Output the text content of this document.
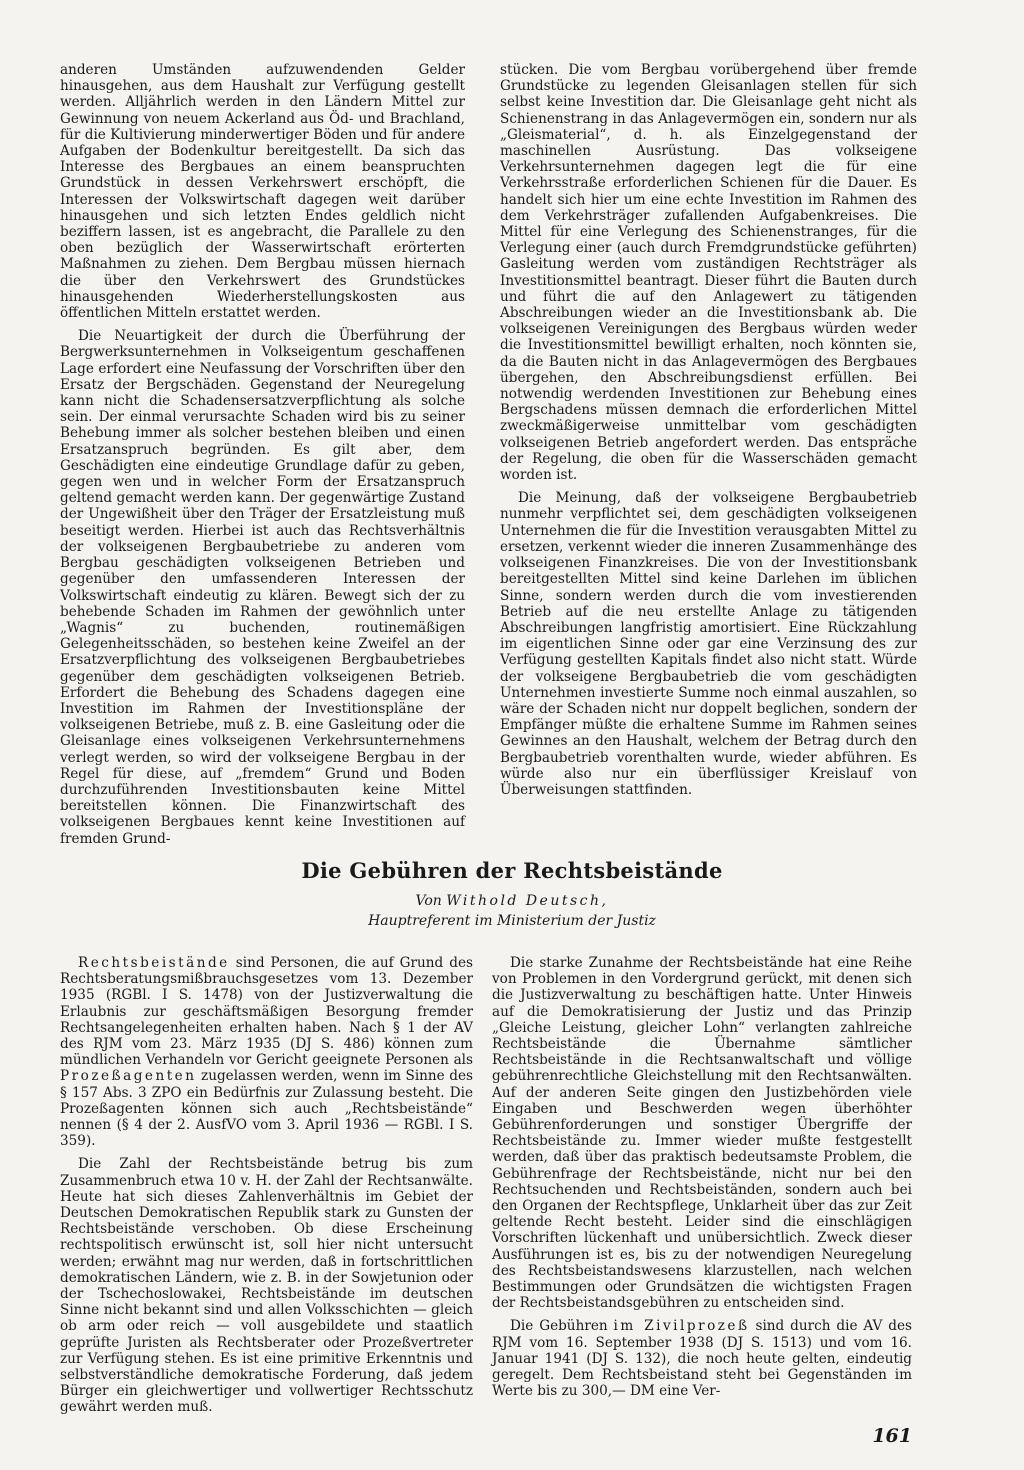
anderen Umständen aufzuwendenden Gelder hinausgehen, aus dem Haushalt zur Verfügung gestellt werden. Alljährlich werden in den Ländern Mittel zur Gewinnung von neuem Ackerland aus Öd- und Brachland, für die Kultivierung minderwertiger Böden und für andere Aufgaben der Bodenkultur bereitgestellt. Da sich das Interesse des Bergbaues an einem beanspruchten Grundstück in dessen Verkehrswert erschöpft, die Interessen der Volkswirtschaft dagegen weit darüber hinausgehen und sich letzten Endes geldlich nicht beziffern lassen, ist es angebracht, die Parallele zu den oben bezüglich der Wasserwirtschaft erörterten Maßnahmen zu ziehen. Dem Bergbau müssen hiernach die über den Verkehrswert des Grundstückes hinausgehenden Wiederherstellungskosten aus öffentlichen Mitteln erstattet werden.

Die Neuartigkeit der durch die Überführung der Bergwerksunternehmen in Volkseigentum geschaffenen Lage erfordert eine Neufassung der Vorschriften über den Ersatz der Bergschäden. Gegenstand der Neuregelung kann nicht die Schadensersatzverpflichtung als solche sein. Der einmal verursachte Schaden wird bis zu seiner Behebung immer als solcher bestehen bleiben und einen Ersatzanspruch begründen. Es gilt aber, dem Geschädigten eine eindeutige Grundlage dafür zu geben, gegen wen und in welcher Form der Ersatzanspruch geltend gemacht werden kann. Der gegenwärtige Zustand der Ungewißheit über den Träger der Ersatzleistung muß beseitigt werden. Hierbei ist auch das Rechtsverhältnis der volkseigenen Bergbaubetriebe zu anderen vom Bergbau geschädigten volkseigenen Betrieben und gegenüber den umfassenderen Interessen der Volkswirtschaft eindeutig zu klären. Bewegt sich der zu behebende Schaden im Rahmen der gewöhnlich unter „Wagnis“ zu buchenden, routinemäßigen Gelegenheitsschäden, so bestehen keine Zweifel an der Ersatzverpflichtung des volkseigenen Bergbaubetriebes gegenüber dem geschädigten volkseigenen Betrieb. Erfordert die Behebung des Schadens dagegen eine Investition im Rahmen der Investitionspläne der volkseigenen Betriebe, muß z. B. eine Gasleitung oder die Gleisanlage eines volkseigenen Verkehrsunternehmens verlegt werden, so wird der volkseigene Bergbau in der Regel für diese, auf „fremdem“ Grund und Boden durchzuführenden Investitionsbauten keine Mittel bereitstellen können. Die Finanzwirtschaft des volkseigenen Bergbaues kennt keine Investitionen auf fremden Grund-

stücken. Die vom Bergbau vorübergehend über fremde Grundstücke zu legenden Gleisanlagen stellen für sich selbst keine Investition dar. Die Gleisanlage geht nicht als Schienenstrang in das Anlagevermögen ein, sondern nur als „Gleismaterial“, d. h. als Einzelgegenstand der maschinellen Ausrüstung. Das volkseigene Verkehrsunternehmen dagegen legt die für eine Verkehrsstraße erforderlichen Schienen für die Dauer. Es handelt sich hier um eine echte Investition im Rahmen des dem Verkehrsträger zufallenden Aufgabenkreises. Die Mittel für eine Verlegung des Schienenstranges, für die Verlegung einer (auch durch Fremdgrundstücke geführten) Gasleitung werden vom zuständigen Rechtsträger als Investitionsmittel beantragt. Dieser führt die Bauten durch und führt die auf den Anlagewert zu tätigenden Abschreibungen wieder an die Investitionsbank ab. Die volkseigenen Vereinigungen des Bergbaus würden weder die Investitionsmittel bewilligt erhalten, noch könnten sie, da die Bauten nicht in das Anlagevermögen des Bergbaues übergehen, den Abschreibungsdienst erfüllen. Bei notwendig werdenden Investitionen zur Behebung eines Bergschadens müssen demnach die erforderlichen Mittel zweckmäßigerweise unmittelbar vom geschädigten volkseigenen Betrieb angefordert werden. Das entspräche der Regelung, die oben für die Wasserschäden gemacht worden ist.

Die Meinung, daß der volkseigene Bergbaubetrieb nunmehr verpflichtet sei, dem geschädigten volkseigenen Unternehmen die für die Investition verausgabten Mittel zu ersetzen, verkennt wieder die inneren Zusammenhänge des volkseigenen Finanzkreises. Die von der Investitionsbank bereitgestellten Mittel sind keine Darlehen im üblichen Sinne, sondern werden durch die vom investierenden Betrieb auf die neu erstellte Anlage zu tätigenden Abschreibungen langfristig amortisiert. Eine Rückzahlung im eigentlichen Sinne oder gar eine Verzinsung des zur Verfügung gestellten Kapitals findet also nicht statt. Würde der volkseigene Bergbaubetrieb die vom geschädigten Unternehmen investierte Summe noch einmal auszahlen, so wäre der Schaden nicht nur doppelt beglichen, sondern der Empfänger müßte die erhaltene Summe im Rahmen seines Gewinnes an den Haushalt, welchem der Betrag durch den Bergbaubetrieb vorenthalten wurde, wieder abführen. Es würde also nur ein überflüssiger Kreislauf von Überweisungen stattfinden.

Die Gebühren der Rechtsbeistände
Von Withold Deutsch,
Hauptreferent im Ministerium der Justiz

Rechtsbeistände sind Personen, die auf Grund des Rechtsberatungsmißbrauchsgesetzes vom 13. Dezember 1935 (RGBl. I S. 1478) von der Justizverwaltung die Erlaubnis zur geschäftsmäßigen Besorgung fremder Rechtsangelegenheiten erhalten haben. Nach § 1 der AV des RJM vom 23. März 1935 (DJ S. 486) können zum mündlichen Verhandeln vor Gericht geeignete Personen als Prozeßagenten zugelassen werden, wenn im Sinne des § 157 Abs. 3 ZPO ein Bedürfnis zur Zulassung besteht. Die Prozeßagenten können sich auch „Rechtsbeistände“ nennen (§ 4 der 2. AusfVO vom 3. April 1936 — RGBl. I S. 359).

Die Zahl der Rechtsbeistände betrug bis zum Zusammenbruch etwa 10 v. H. der Zahl der Rechtsanwälte. Heute hat sich dieses Zahlenverhältnis im Gebiet der Deutschen Demokratischen Republik stark zu Gunsten der Rechtsbeistände verschoben. Ob diese Erscheinung rechtspolitisch erwünscht ist, soll hier nicht untersucht werden; erwähnt mag nur werden, daß in fortschrittlichen demokratischen Ländern, wie z. B. in der Sowjetunion oder der Tschechoslowakei, Rechtsbeistände im deutschen Sinne nicht bekannt sind und allen Volksschichten — gleich ob arm oder reich — voll ausgebildete und staatlich geprüfte Juristen als Rechtsberater oder Prozeßvertreter zur Verfügung stehen. Es ist eine primitive Erkenntnis und selbstverständliche demokratische Forderung, daß jedem Bürger ein gleichwertiger und vollwertiger Rechtsschutz gewährt werden muß.

Die starke Zunahme der Rechtsbeistände hat eine Reihe von Problemen in den Vordergrund gerückt, mit denen sich die Justizverwaltung zu beschäftigen hatte. Unter Hinweis auf die Demokratisierung der Justiz und das Prinzip „Gleiche Leistung, gleicher Lohn“ verlangten zahlreiche Rechtsbeistände die Übernahme sämtlicher Rechtsbeistände in die Rechtsanwaltschaft und völlige gebührenrechtliche Gleichstellung mit den Rechtsanwälten. Auf der anderen Seite gingen den Justizbehörden viele Eingaben und Beschwerden wegen überhöhter Gebührenforderungen und sonstiger Übergriffe der Rechtsbeistände zu. Immer wieder mußte festgestellt werden, daß über das praktisch bedeutsamste Problem, die Gebührenfrage der Rechtsbeistände, nicht nur bei den Rechtsuchenden und Rechtsbeiständen, sondern auch bei den Organen der Rechtspflege, Unklarheit über das zur Zeit geltende Recht besteht. Leider sind die einschlägigen Vorschriften lückenhaft und unübersichtlich. Zweck dieser Ausführungen ist es, bis zu der notwendigen Neuregelung des Rechtsbeistandswesens klarzustellen, nach welchen Bestimmungen oder Grundsätzen die wichtigsten Fragen der Rechtsbeistandsgebühren zu entscheiden sind.

Die Gebühren im Zivilprozeß sind durch die AV des RJM vom 16. September 1938 (DJ S. 1513) und vom 16. Januar 1941 (DJ S. 132), die noch heute gelten, eindeutig geregelt. Dem Rechtsbeistand steht bei Gegenständen im Werte bis zu 300,— DM eine Ver-

161
